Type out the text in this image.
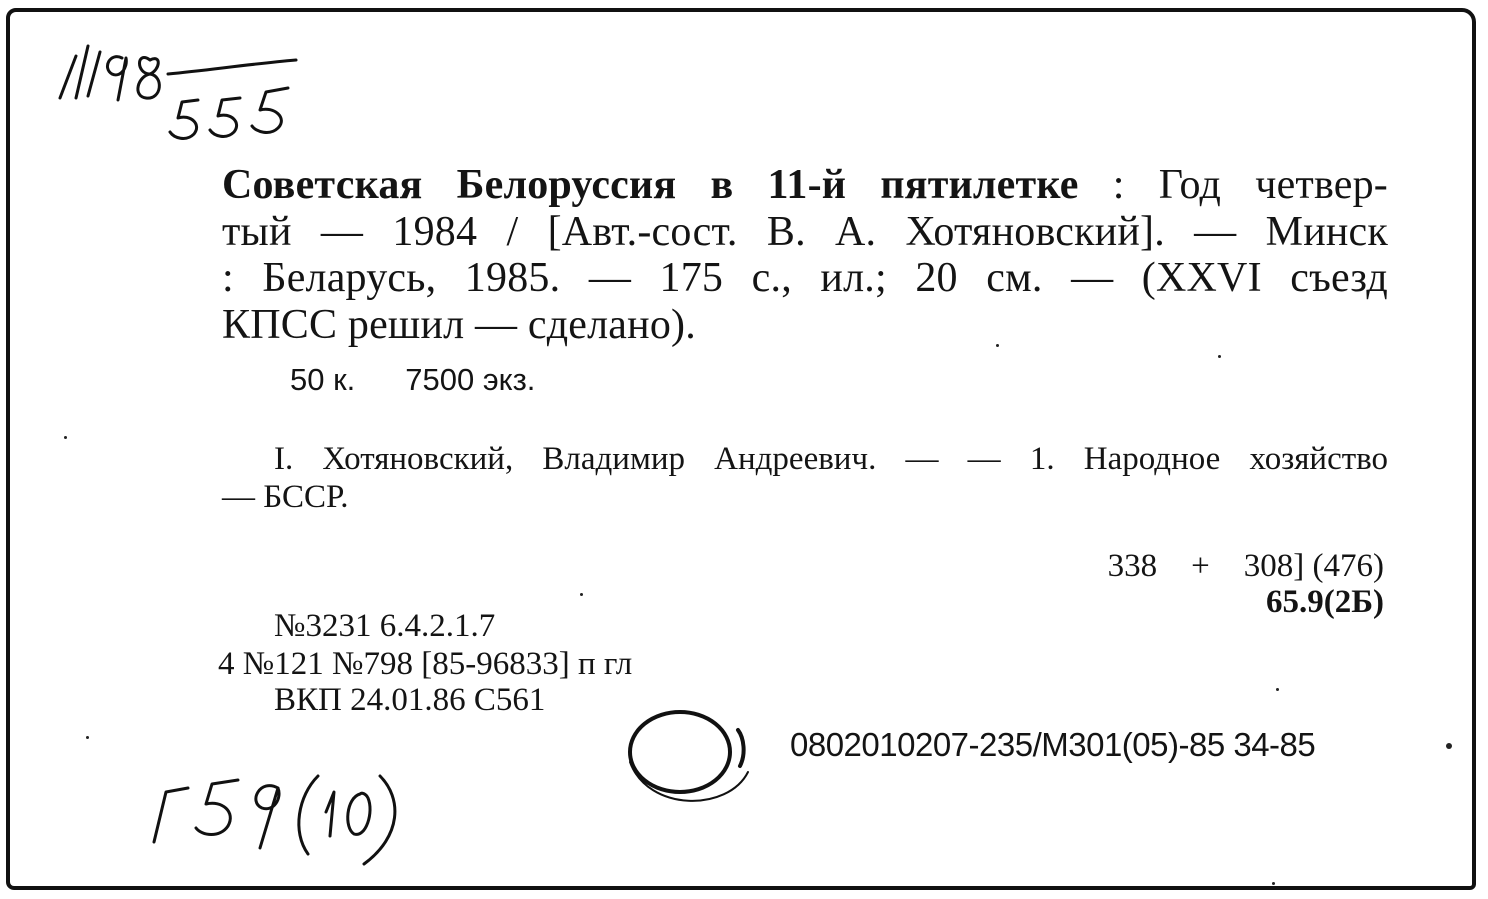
Советская Белоруссия в 11-й пятилетке : Год четвер-
тый — 1984 / [Авт.-сост. В. А. Хотяновский]. — Минск
: Беларусь, 1985. — 175 с., ил.; 20 см. — (XXVI съезд
КПСС решил — сделано).
50 к. 7500 экз.
I. Хотяновский, Владимир Андреевич. — — 1. Народное хозяйство
— БССР.
338 + 308] (476)
65.9(2Б)
№3231 6.4.2.1.7
4 №121 №798 [85-96833] п гл
ВКП 24.01.86 С561
0802010207-235/М301(05)-85 34-85
